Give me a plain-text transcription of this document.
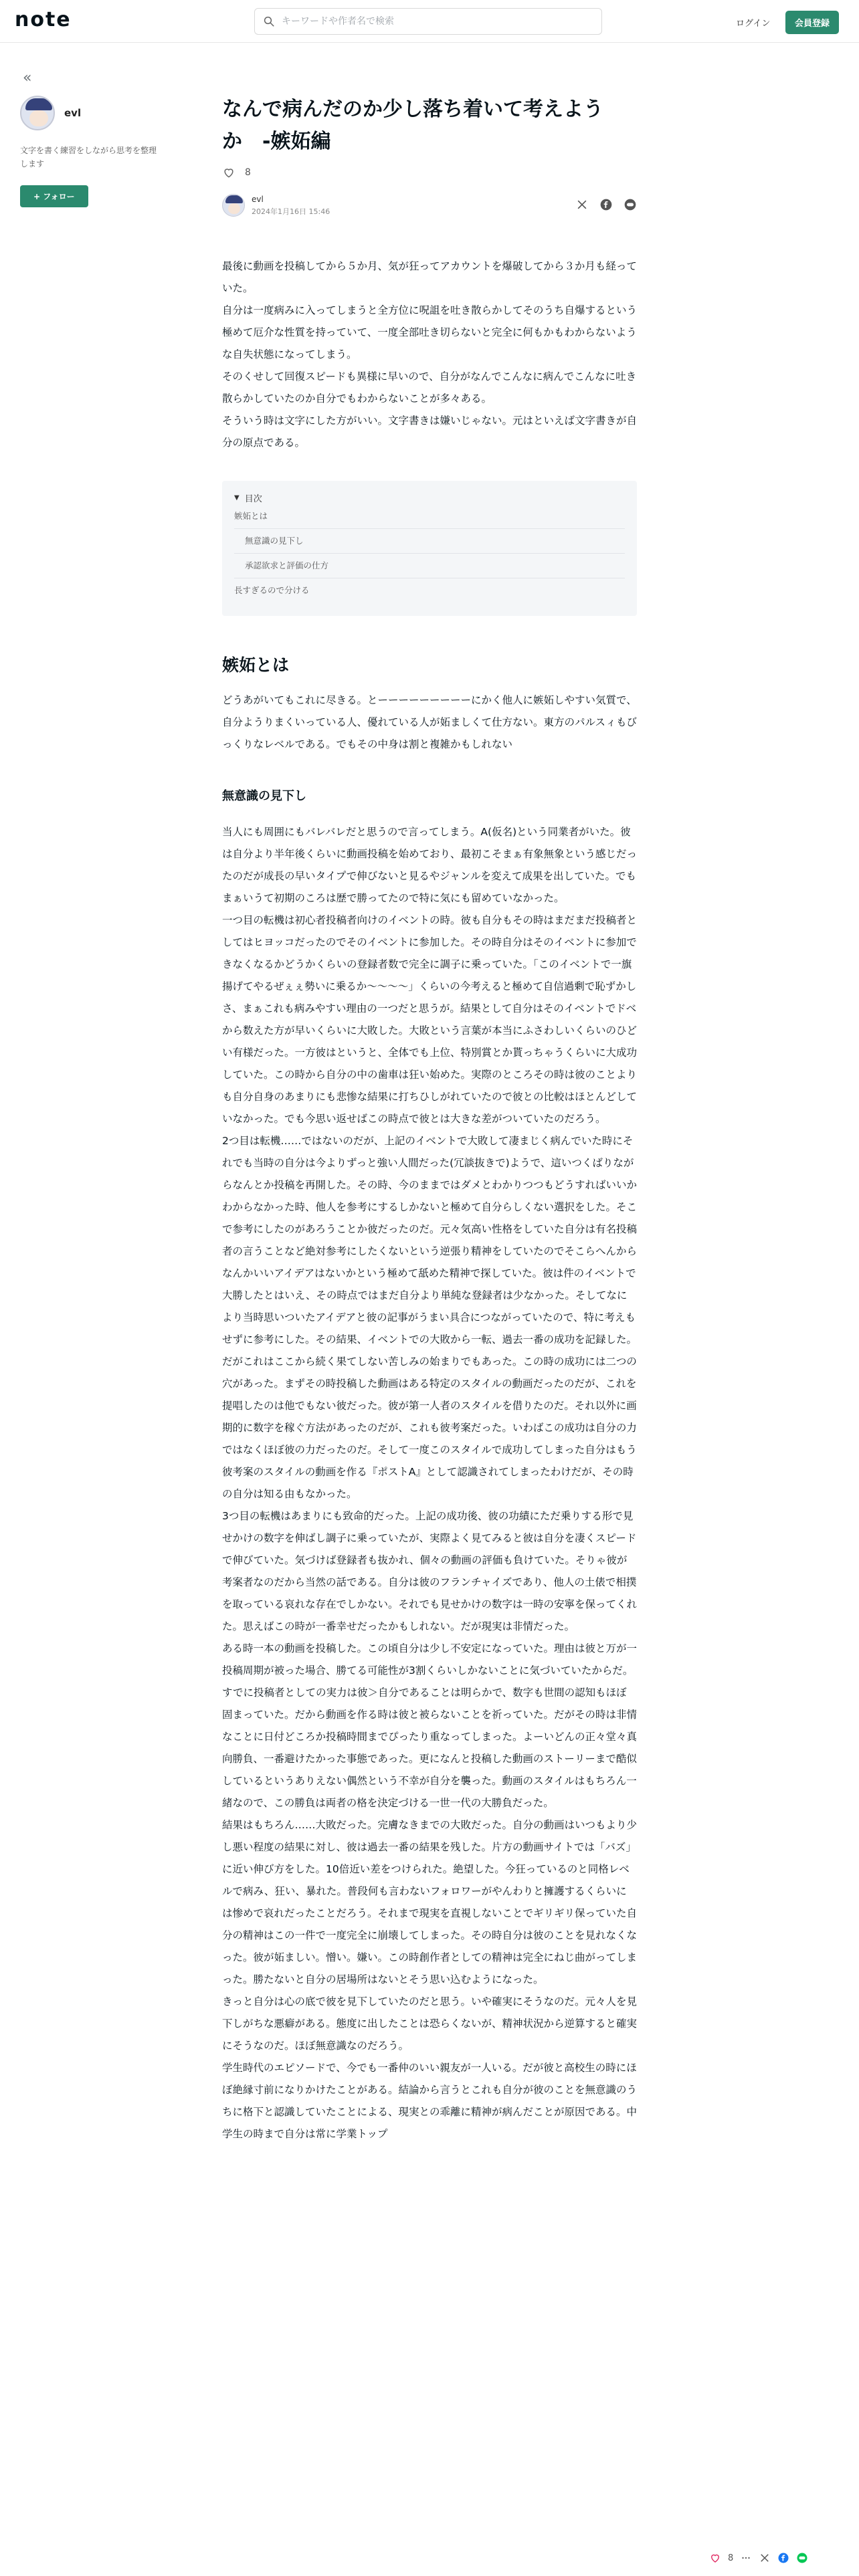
note
キーワードや作者名で検索	ログイン	会員登録
«
evl
文字を書く練習をしながら思考を整理します
+ フォロー
なんで病んだのか少し落ち着いて考えようか　-嫉妬編
8
evl
2024年1月16日 15:46

最後に動画を投稿してから５か月、気が狂ってアカウントを爆破してから３か月も経っていた。

自分は一度病みに入ってしまうと全方位に呪詛を吐き散らかしてそのうち自爆するという極めて厄介な性質を持っていて、一度全部吐き切らないと完全に何もかもわからないような自失状態になってしまう。

そのくせして回復スピードも異様に早いので、自分がなんでこんなに病んでこんなに吐き散らかしていたのか自分でもわからないことが多々ある。

そういう時は文字にした方がいい。文字書きは嫌いじゃない。元はといえば文字書きが自分の原点である。

▼ 目次
嫉妬とは
無意識の見下し
承認欲求と評価の仕方
長すぎるので分ける
嫉妬とは

どうあがいてもこれに尽きる。とーーーーーーーーーにかく他人に嫉妬しやすい気質で、自分ようりまくいっている人、優れている人が妬ましくて仕方ない。東方のパルスィもびっくりなレベルである。でもその中身は割と複雑かもしれない

無意識の見下し

当人にも周囲にもバレバレだと思うので言ってしまう。A(仮名)という同業者がいた。彼は自分より半年後くらいに動画投稿を始めており、最初こそまぁ有象無象という感じだったのだが成長の早いタイプで伸びないと見るやジャンルを変えて成果を出していた。でもまぁいうて初期のころは歴で勝ってたので特に気にも留めていなかった。

一つ目の転機は初心者投稿者向けのイベントの時。彼も自分もその時はまだまだ投稿者としてはヒヨッコだったのでそのイベントに参加した。その時自分はそのイベントに参加できなくなるかどうかくらいの登録者数で完全に調子に乗っていた。「このイベントで一旗揚げてやるぜぇぇ勢いに乗るか～～～～」くらいの今考えると極めて自信過剰で恥ずかしさ、まぁこれも病みやすい理由の一つだと思うが。結果として自分はそのイベントでドベから数えた方が早いくらいに大敗した。大敗という言葉が本当にふさわしいくらいのひどい有様だった。一方彼はというと、全体でも上位、特別賞とか貰っちゃうくらいに大成功していた。この時から自分の中の歯車は狂い始めた。実際のところその時は彼のことよりも自分自身のあまりにも悲惨な結果に打ちひしがれていたので彼との比較はほとんどしていなかった。でも今思い返せばこの時点で彼とは大きな差がついていたのだろう。

2つ目は転機……ではないのだが、上記のイベントで大敗して凄まじく病んでいた時にそれでも当時の自分は今よりずっと強い人間だった(冗談抜きで)ようで、這いつくばりながらなんとか投稿を再開した。その時、今のままではダメとわかりつつもどうすればいいかわからなかった時、他人を参考にするしかないと極めて自分らしくない選択をした。そこで参考にしたのがあろうことか彼だったのだ。元々気高い性格をしていた自分は有名投稿者の言うことなど絶対参考にしたくないという逆張り精神をしていたのでそこらへんからなんかいいアイデアはないかという極めて舐めた精神で探していた。彼は件のイベントで大勝したとはいえ、その時点ではまだ自分より単純な登録者は少なかった。そしてなにより当時思いついたアイデアと彼の記事がうまい具合につながっていたので、特に考えもせずに参考にした。その結果、イベントでの大敗から一転、過去一番の成功を記録した。だがこれはここから続く果てしない苦しみの始まりでもあった。この時の成功には二つの穴があった。まずその時投稿した動画はある特定のスタイルの動画だったのだが、これを提唱したのは他でもない彼だった。彼が第一人者のスタイルを借りたのだ。それ以外に画期的に数字を稼ぐ方法があったのだが、これも彼考案だった。いわばこの成功は自分の力ではなくほぼ彼の力だったのだ。そして一度このスタイルで成功してしまった自分はもう彼考案のスタイルの動画を作る『ポストA』として認識されてしまったわけだが、その時の自分は知る由もなかった。

3つ目の転機はあまりにも致命的だった。上記の成功後、彼の功績にただ乗りする形で見せかけの数字を伸ばし調子に乗っていたが、実際よく見てみると彼は自分を凄くスピードで伸びていた。気づけば登録者も抜かれ、個々の動画の評価も負けていた。そりゃ彼が考案者なのだから当然の話である。自分は彼のフランチャイズであり、他人の土俵で相撲を取っている哀れな存在でしかない。それでも見せかけの数字は一時の安寧を保ってくれた。思えばこの時が一番幸せだったかもしれない。だが現実は非情だった。

ある時一本の動画を投稿した。この頃自分は少し不安定になっていた。理由は彼と万が一投稿周期が被った場合、勝てる可能性が3割くらいしかないことに気づいていたからだ。すでに投稿者としての実力は彼＞自分であることは明らかで、数字も世間の認知もほぼ固まっていた。だから動画を作る時は彼と被らないことを祈っていた。だがその時は非情なことに日付どころか投稿時間までぴったり重なってしまった。よーいどんの正々堂々真向勝負、一番避けたかった事態であった。更になんと投稿した動画のストーリーまで酷似しているというありえない偶然という不幸が自分を襲った。動画のスタイルはもちろん一緒なので、この勝負は両者の格を決定づける一世一代の大勝負だった。

結果はもちろん……大敗だった。完膚なきまでの大敗だった。自分の動画はいつもより少し悪い程度の結果に対し、彼は過去一番の結果を残した。片方の動画サイトでは「バズ」に近い伸び方をした。10倍近い差をつけられた。絶望した。今狂っているのと同格レベルで病み、狂い、暴れた。普段何も言わないフォロワーがやんわりと擁護するくらいには惨めで哀れだったことだろう。それまで現実を直視しないことでギリギリ保っていた自分の精神はこの一件で一度完全に崩壊してしまった。その時自分は彼のことを見れなくなった。彼が妬ましい。憎い。嫌い。この時創作者としての精神は完全にねじ曲がってしまった。勝たないと自分の居場所はないとそう思い込むようになった。

きっと自分は心の底で彼を見下していたのだと思う。いや確実にそうなのだ。元々人を見下しがちな悪癖がある。態度に出したことは恐らくないが、精神状況から逆算すると確実にそうなのだ。ほぼ無意識なのだろう。

学生時代のエピソードで、今でも一番仲のいい親友が一人いる。だが彼と高校生の時にほぼ絶縁寸前になりかけたことがある。結論から言うとこれも自分が彼のことを無意識のうちに格下と認識していたことによる、現実との乖離に精神が病んだことが原因である。中学生の時まで自分は常に学業トップ

8
